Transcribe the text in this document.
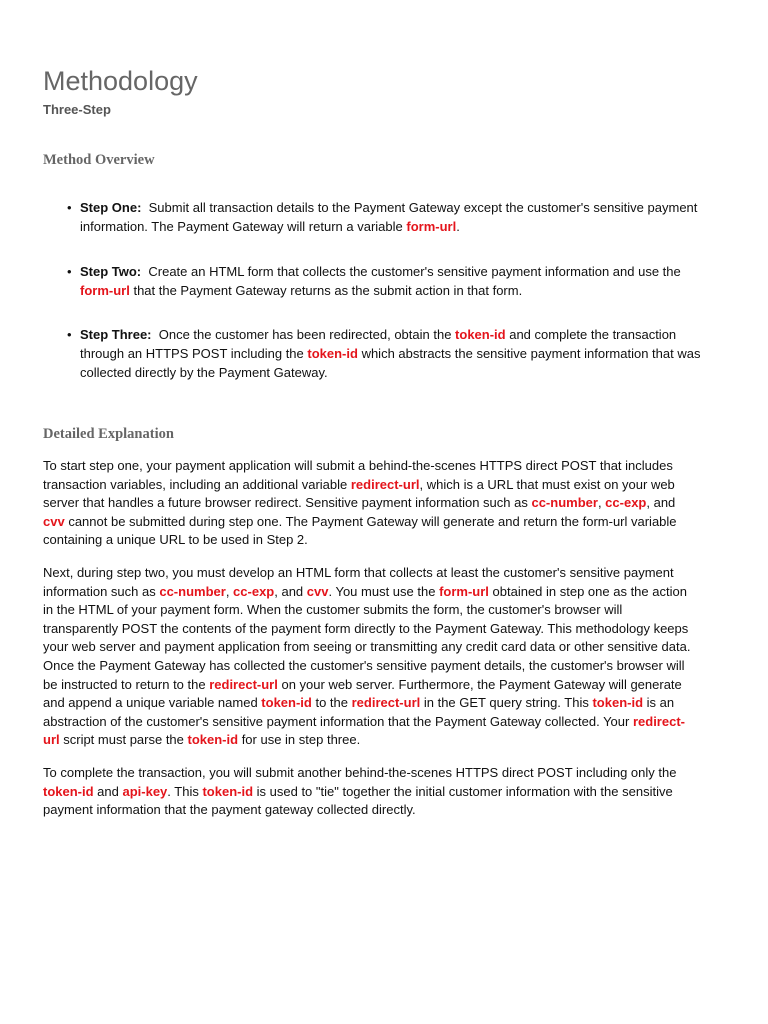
Methodology
Three-Step
Method Overview
• Step One: Submit all transaction details to the Payment Gateway except the customer's sensitive payment information. The Payment Gateway will return a variable form-url.
• Step Two: Create an HTML form that collects the customer's sensitive payment information and use the form-url that the Payment Gateway returns as the submit action in that form.
• Step Three: Once the customer has been redirected, obtain the token-id and complete the transaction through an HTTPS POST including the token-id which abstracts the sensitive payment information that was collected directly by the Payment Gateway.
Detailed Explanation

To start step one, your payment application will submit a behind-the-scenes HTTPS direct POST that includes transaction variables, including an additional variable redirect-url, which is a URL that must exist on your web server that handles a future browser redirect. Sensitive payment information such as cc-number, cc-exp, and cvv cannot be submitted during step one. The Payment Gateway will generate and return the form-url variable containing a unique URL to be used in Step 2.

Next, during step two, you must develop an HTML form that collects at least the customer's sensitive payment information such as cc-number, cc-exp, and cvv. You must use the form-url obtained in step one as the action in the HTML of your payment form. When the customer submits the form, the customer's browser will transparently POST the contents of the payment form directly to the Payment Gateway. This methodology keeps your web server and payment application from seeing or transmitting any credit card data or other sensitive data. Once the Payment Gateway has collected the customer's sensitive payment details, the customer's browser will be instructed to return to the redirect-url on your web server. Furthermore, the Payment Gateway will generate and append a unique variable named token-id to the redirect-url in the GET query string. This token-id is an abstraction of the customer's sensitive payment information that the Payment Gateway collected. Your redirect-url script must parse the token-id for use in step three.

To complete the transaction, you will submit another behind-the-scenes HTTPS direct POST including only the token-id and api-key. This token-id is used to "tie" together the initial customer information with the sensitive payment information that the payment gateway collected directly.
